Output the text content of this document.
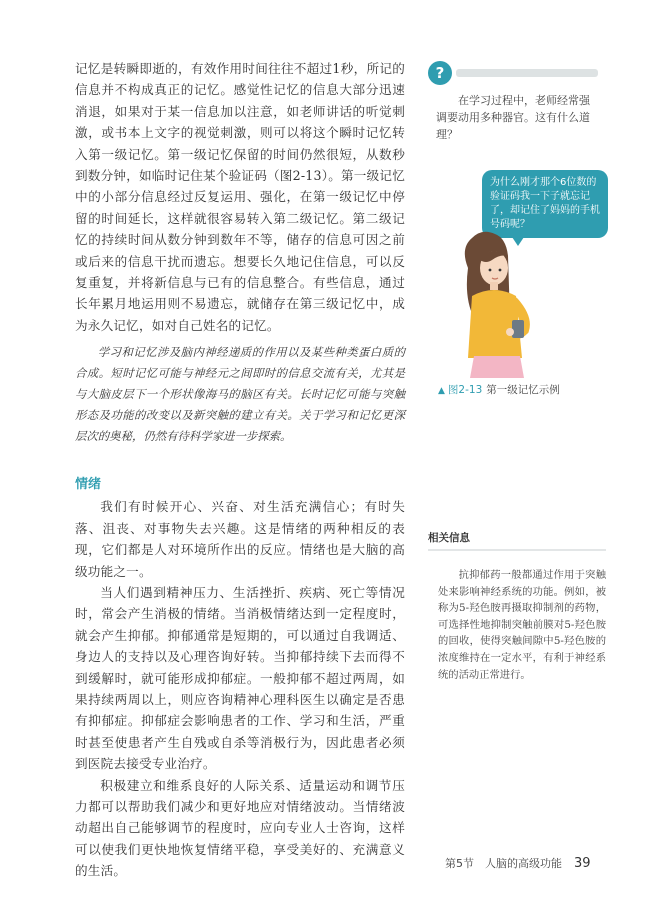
记忆是转瞬即逝的，有效作用时间往往不超过1秒，所记的信息并不构成真正的记忆。感觉性记忆的信息大部分迅速消退，如果对于某一信息加以注意，如老师讲话的听觉刺激，或书本上文字的视觉刺激，则可以将这个瞬时记忆转入第一级记忆。第一级记忆保留的时间仍然很短，从数秒到数分钟，如临时记住某个验证码（图2-13）。第一级记忆中的小部分信息经过反复运用、强化，在第一级记忆中停留的时间延长，这样就很容易转入第二级记忆。第二级记忆的持续时间从数分钟到数年不等，储存的信息可因之前或后来的信息干扰而遗忘。想要长久地记住信息，可以反复重复，并将新信息与已有的信息整合。有些信息，通过长年累月地运用则不易遗忘，就储存在第三级记忆中，成为永久记忆，如对自己姓名的记忆。

学习和记忆涉及脑内神经递质的作用以及某些种类蛋白质的合成。短时记忆可能与神经元之间即时的信息交流有关，尤其是与大脑皮层下一个形状像海马的脑区有关。长时记忆可能与突触形态及功能的改变以及新突触的建立有关。关于学习和记忆更深层次的奥秘，仍然有待科学家进一步探索。

情绪

我们有时候开心、兴奋、对生活充满信心；有时失落、沮丧、对事物失去兴趣。这是情绪的两种相反的表现，它们都是人对环境所作出的反应。情绪也是大脑的高级功能之一。

当人们遇到精神压力、生活挫折、疾病、死亡等情况时，常会产生消极的情绪。当消极情绪达到一定程度时，就会产生抑郁。抑郁通常是短期的，可以通过自我调适、身边人的支持以及心理咨询好转。当抑郁持续下去而得不到缓解时，就可能形成抑郁症。一般抑郁不超过两周，如果持续两周以上，则应咨询精神心理科医生以确定是否患有抑郁症。抑郁症会影响患者的工作、学习和生活，严重时甚至使患者产生自残或自杀等消极行为，因此患者必须到医院去接受专业治疗。

积极建立和维系良好的人际关系、适量运动和调节压力都可以帮助我们减少和更好地应对情绪波动。当情绪波动超出自己能够调节的程度时，应向专业人士咨询，这样可以使我们更快地恢复情绪平稳，享受美好的、充满意义的生活。

?

在学习过程中，老师经常强调要动用多种器官。这有什么道理？

为什么刚才那个6位数的验证码我一下子就忘记了，却记住了妈妈的手机号码呢？
▲ 图2-13 第一级记忆示例
相关信息

抗抑郁药一般都通过作用于突触处来影响神经系统的功能。例如，被称为5-羟色胺再摄取抑制剂的药物，可选择性地抑制突触前膜对5-羟色胺的回收，使得突触间隙中5-羟色胺的浓度维持在一定水平，有利于神经系统的活动正常进行。

第5节　人脑的高级功能 39
